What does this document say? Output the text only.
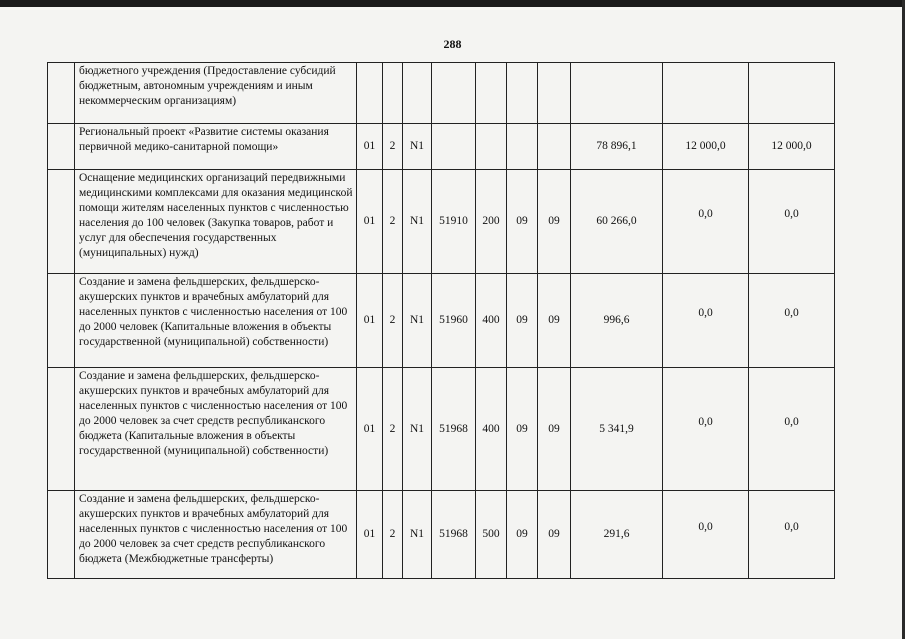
288
	бюджетного учреждения (Предоставление субсидий бюджетным, автономным учреждениям и иным некоммерческим организациям)										
	Региональный проект «Развитие системы оказания первичной медико-санитарной помощи»	01	2	N1					78 896,1	12 000,0	12 000,0
	Оснащение медицинских организаций передвижными медицинскими комплексами для оказания медицинской помощи жителям населенных пунктов с численностью населения до 100 человек (Закупка товаров, работ и услуг для обеспечения государственных (муниципальных) нужд)	01	2	N1	51910	200	09	09	60 266,0	0,0	0,0
	Создание и замена фельдшерских, фельдшерско-акушерских пунктов и врачебных амбулаторий для населенных пунктов с численностью населения от 100 до 2000 человек (Капитальные вложения в объекты государственной (муниципальной) собственности)	01	2	N1	51960	400	09	09	996,6	0,0	0,0
	Создание и замена фельдшерских, фельдшерско-акушерских пунктов и врачебных амбулаторий для населенных пунктов с численностью населения от 100 до 2000 человек за счет средств республиканского бюджета (Капитальные вложения в объекты государственной (муниципальной) собственности)	01	2	N1	51968	400	09	09	5 341,9	0,0	0,0
	Создание и замена фельдшерских, фельдшерско-акушерских пунктов и врачебных амбулаторий для населенных пунктов с численностью населения от 100 до 2000 человек за счет средств республиканского бюджета (Межбюджетные трансферты)	01	2	N1	51968	500	09	09	291,6	0,0	0,0
